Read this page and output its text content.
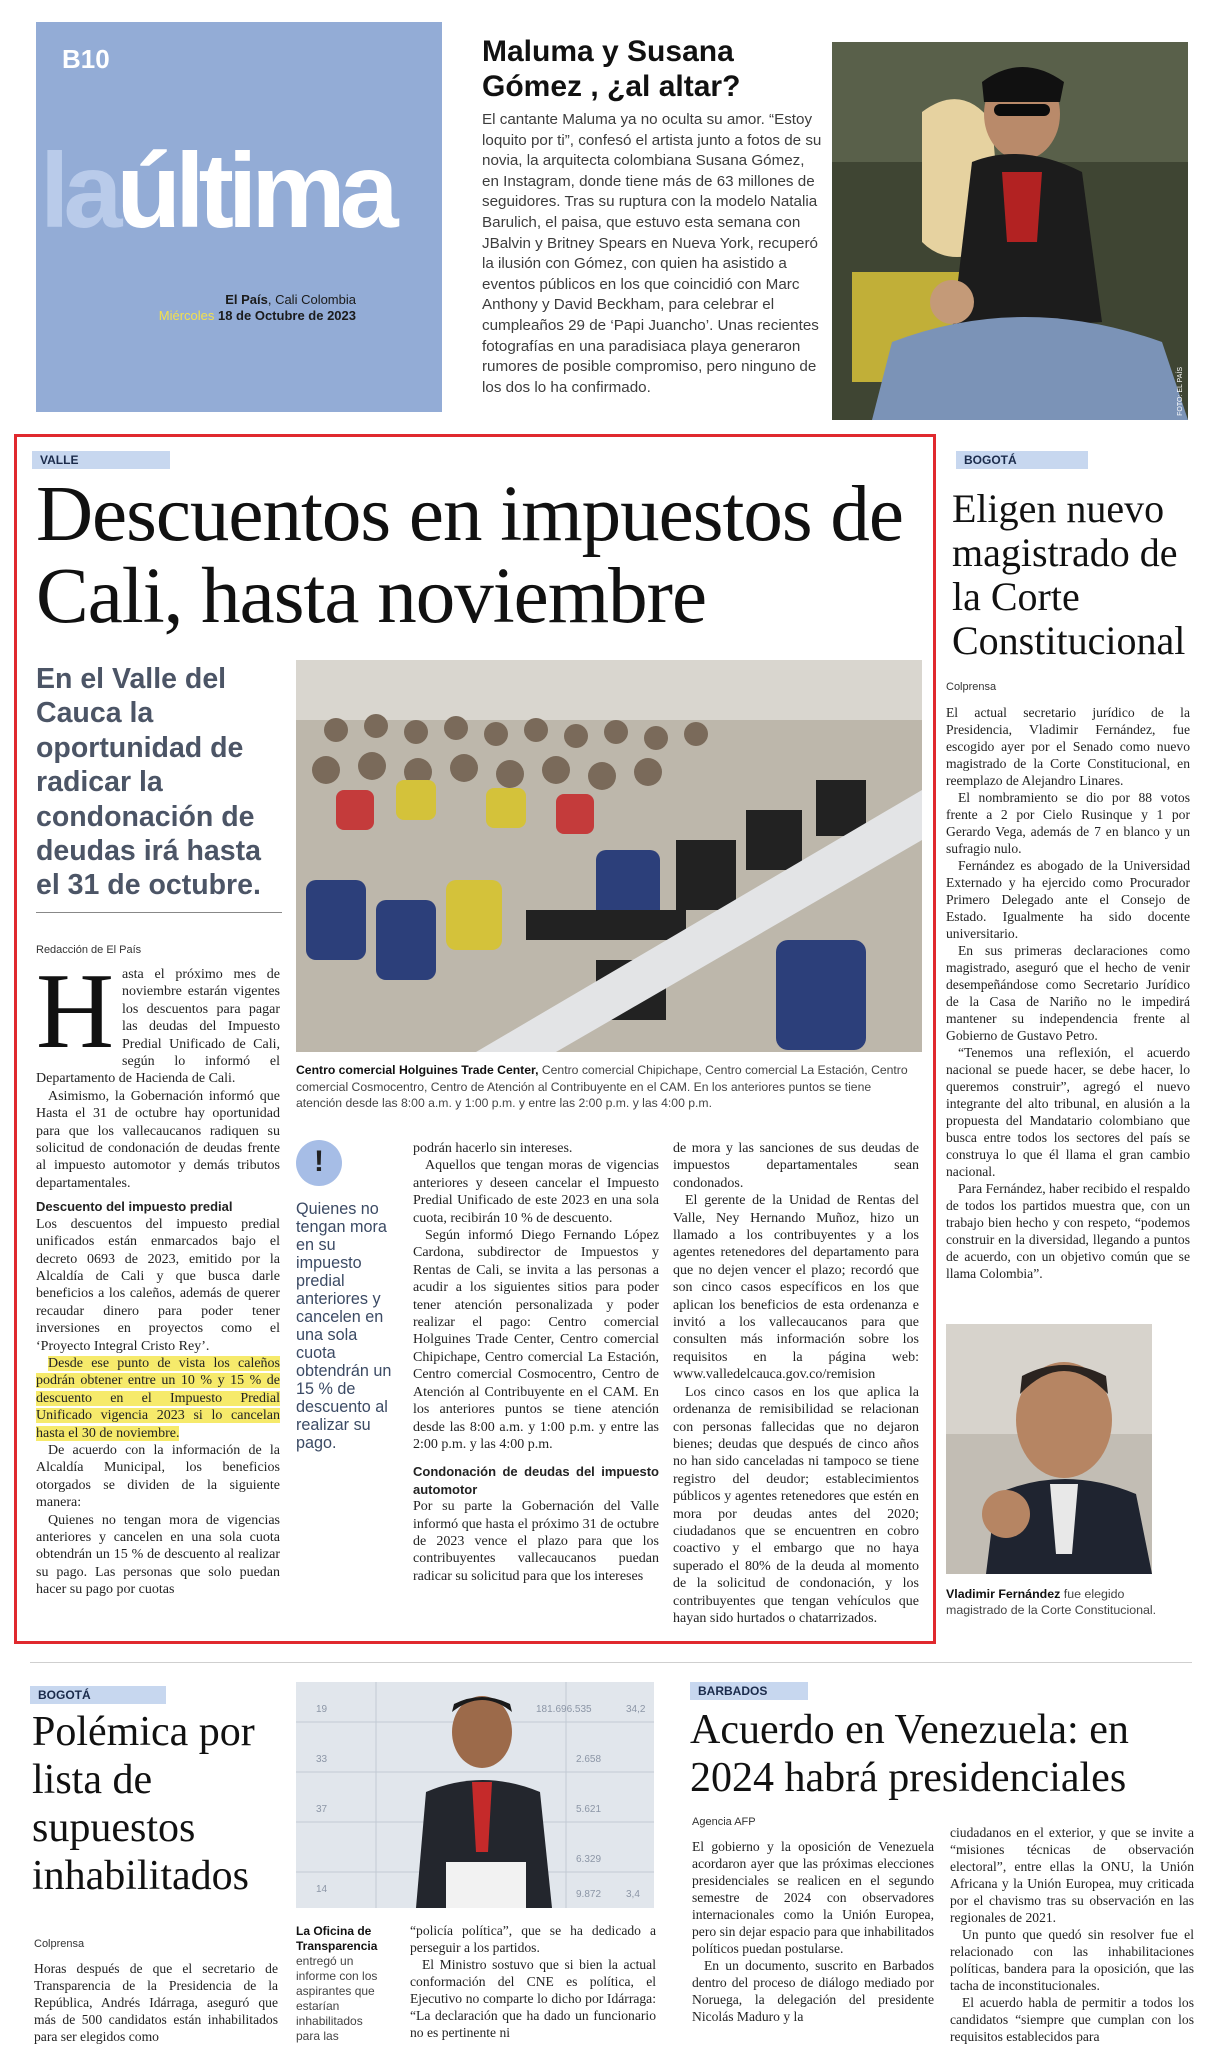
B10
laúltima
El País, Cali Colombia
Miércoles 18 de Octubre de 2023
Maluma y Susana Gómez , ¿al altar?
El cantante Maluma ya no oculta su amor. “Estoy loquito por ti”, confesó el artista junto a fotos de su novia, la arquitecta colombiana Susana Gómez, en Instagram, donde tiene más de 63 millones de seguidores. Tras su ruptura con la modelo Natalia Barulich, el paisa, que estuvo esta semana con JBalvin y Britney Spears en Nueva York, recuperó la ilusión con Gómez, con quien ha asistido a eventos públicos en los que coincidió con Marc Anthony y David Beckham, para celebrar el cumpleaños 29 de ‘Papi Juancho’. Unas recientes fotografías en una paradisiaca playa generaron rumores de posible compromiso, pero ninguno de los dos lo ha confirmado.	FOTO: EL PAÍS
VALLE
Descuentos en impuestos de Cali, hasta noviembre
En el Valle del Cauca la oportunidad de radicar la condonación de deudas irá hasta el 31 de octubre.
Redacción de El País
Centro comercial Holguines Trade Center, Centro comercial Chipichape, Centro comercial La Estación, Centro comercial Cosmocentro, Centro de Atención al Contribuyente en el CAM. En los anteriores puntos se tiene atención desde las 8:00 a.m. y 1:00 p.m. y entre las 2:00 p.m. y las 4:00 p.m.
H asta el próximo mes de noviembre estarán vigentes los descuentos para pagar las deudas del Impuesto Predial Unificado de Cali, según lo informó el Departamento de Hacienda de Cali.

Asimismo, la Gobernación informó que Hasta el 31 de octubre hay oportunidad para que los vallecaucanos radiquen su solicitud de condonación de deudas frente al impuesto automotor y demás tributos departamentales.

Descuento del impuesto predial

Los descuentos del impuesto predial unificados están enmarcados bajo el decreto 0693 de 2023, emitido por la Alcaldía de Cali y que busca darle beneficios a los caleños, además de querer recaudar dinero para poder tener inversiones en proyectos como el ‘Proyecto Integral Cristo Rey’.

Desde ese punto de vista los caleños podrán obtener entre un 10 % y 15 % de descuento en el Impuesto Predial Unificado vigencia 2023 si lo cancelan hasta el 30 de noviembre.

De acuerdo con la información de la Alcaldía Municipal, los beneficios otorgados se dividen de la siguiente manera:

Quienes no tengan mora de vigencias anteriores y cancelen en una sola cuota obtendrán un 15 % de descuento al realizar su pago. Las personas que solo puedan hacer su pago por cuotas

!
Quienes no tengan mora en su impuesto predial anteriores y cancelen en una sola cuota obtendrán un 15 % de descuento al realizar su pago.

podrán hacerlo sin intereses.

Aquellos que tengan moras de vigencias anteriores y deseen cancelar el Impuesto Predial Unificado de este 2023 en una sola cuota, recibirán 10 % de descuento.

Según informó Diego Fernando López Cardona, subdirector de Impuestos y Rentas de Cali, se invita a las personas a acudir a los siguientes sitios para poder tener atención personalizada y poder realizar el pago: Centro comercial Holguines Trade Center, Centro comercial Chipichape, Centro comercial La Estación, Centro comercial Cosmocentro, Centro de Atención al Contribuyente en el CAM. En los anteriores puntos se tiene atención desde las 8:00 a.m. y 1:00 p.m. y entre las 2:00 p.m. y las 4:00 p.m.

Condonación de deudas del impuesto automotor

Por su parte la Gobernación del Valle informó que hasta el próximo 31 de octubre de 2023 vence el plazo para que los contribuyentes vallecaucanos puedan radicar su solicitud para que los intereses

de mora y las sanciones de sus deudas de impuestos departamentales sean condonados.

El gerente de la Unidad de Rentas del Valle, Ney Hernando Muñoz, hizo un llamado a los contribuyentes y a los agentes retenedores del departamento para que no dejen vencer el plazo; recordó que son cinco casos específicos en los que aplican los beneficios de esta ordenanza e invitó a los vallecaucanos para que consulten más información sobre los requisitos en la página web: www.valledelcauca.gov.co/remision

Los cinco casos en los que aplica la ordenanza de remisibilidad se relacionan con personas fallecidas que no dejaron bienes; deudas que después de cinco años no han sido canceladas ni tampoco se tiene registro del deudor; establecimientos públicos y agentes retenedores que estén en mora por deudas antes del 2020; ciudadanos que se encuentren en cobro coactivo y el embargo que no haya superado el 80% de la deuda al momento de la solicitud de condonación, y los contribuyentes que tengan vehículos que hayan sido hurtados o chatarrizados.

BOGOTÁ
Eligen nuevo magistrado de la Corte Constitucional
Colprensa

El actual secretario jurídico de la Presidencia, Vladimir Fernández, fue escogido ayer por el Senado como nuevo magistrado de la Corte Constitucional, en reemplazo de Alejandro Linares.

El nombramiento se dio por 88 votos frente a 2 por Cielo Rusinque y 1 por Gerardo Vega, además de 7 en blanco y un sufragio nulo.

Fernández es abogado de la Universidad Externado y ha ejercido como Procurador Primero Delegado ante el Consejo de Estado. Igualmente ha sido docente universitario.

En sus primeras declaraciones como magistrado, aseguró que el hecho de venir desempeñándose como Secretario Jurídico de la Casa de Nariño no le impedirá mantener su independencia frente al Gobierno de Gustavo Petro.

“Tenemos una reflexión, el acuerdo nacional se puede hacer, se debe hacer, lo queremos construir”, agregó el nuevo integrante del alto tribunal, en alusión a la propuesta del Mandatario colombiano que busca entre todos los sectores del país se construya lo que él llama el gran cambio nacional.

Para Fernández, haber recibido el respaldo de todos los partidos muestra que, con un trabajo bien hecho y con respeto, “podemos construir en la diversidad, llegando a puntos de acuerdo, con un objetivo común que se llama Colombia”.

Vladimir Fernández fue elegido magistrado de la Corte Constitucional.
BOGOTÁ
Polémica por lista de supuestos inhabilitados
Colprensa

Horas después de que el secretario de Transparencia de la Presidencia de la República, Andrés Idárraga, aseguró que más de 500 candidatos están inhabilitados para ser elegidos como

19
33
37
181.696.535	34,2
2.658
5.621
6.329
14	9.872 3,4
La Oficina de Transparencia entregó un informe con los aspirantes que estarían inhabilitados para las

“policía política”, que se ha dedicado a perseguir a los partidos.

El Ministro sostuvo que si bien la actual conformación del CNE es política, el Ejecutivo no comparte lo dicho por Idárraga: “La declaración que ha dado un funcionario no es pertinente ni

BARBADOS
Acuerdo en Venezuela: en 2024 habrá presidenciales
Agencia AFP

El gobierno y la oposición de Venezuela acordaron ayer que las próximas elecciones presidenciales se realicen en el segundo semestre de 2024 con observadores internacionales como la Unión Europea, pero sin dejar espacio para que inhabilitados políticos puedan postularse.

En un documento, suscrito en Barbados dentro del proceso de diálogo mediado por Noruega, la delegación del presidente Nicolás Maduro y la

ciudadanos en el exterior, y que se invite a “misiones técnicas de observación electoral”, entre ellas la ONU, la Unión Africana y la Unión Europea, muy criticada por el chavismo tras su observación en las regionales de 2021.

Un punto que quedó sin resolver fue el relacionado con las inhabilitaciones políticas, bandera para la oposición, que las tacha de inconstitucionales.

El acuerdo habla de permitir a todos los candidatos “siempre que cumplan con los requisitos establecidos para
